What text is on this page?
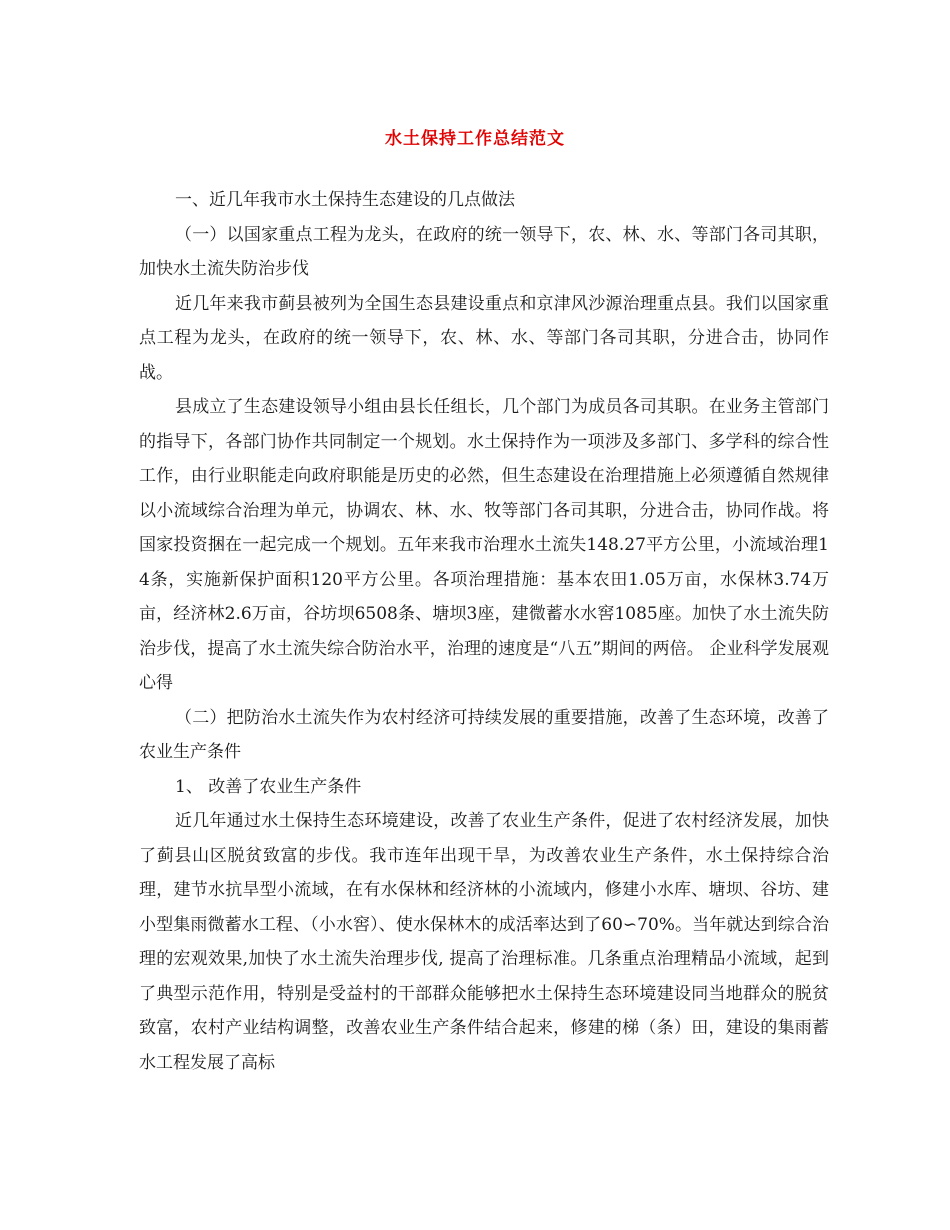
水土保持工作总结范文

一、近几年我市水土保持生态建设的几点做法

（一）以国家重点工程为龙头，在政府的统一领导下，农、林、水、等部门各司其职，加快水土流失防治步伐

近几年来我市蓟县被列为全国生态县建设重点和京津风沙源治理重点县。我们以国家重点工程为龙头，在政府的统一领导下，农、林、水、等部门各司其职，分进合击，协同作战。

县成立了生态建设领导小组由县长任组长，几个部门为成员各司其职。在业务主管部门的指导下，各部门协作共同制定一个规划。水土保持作为一项涉及多部门、多学科的综合性工作，由行业职能走向政府职能是历史的必然，但生态建设在治理措施上必须遵循自然规律以小流域综合治理为单元，协调农、林、水、牧等部门各司其职，分进合击，协同作战。将国家投资捆在一起完成一个规划。五年来我市治理水土流失148.27平方公里，小流域治理14条，实施新保护面积120平方公里。各项治理措施：基本农田1.05万亩，水保林3.74万亩，经济林2.6万亩，谷坊坝6508条、塘坝3座，建微蓄水水窖1085座。加快了水土流失防治步伐，提高了水土流失综合防治水平，治理的速度是“八五”期间的两倍。 企业科学发展观心得

（二）把防治水土流失作为农村经济可持续发展的重要措施，改善了生态环境，改善了农业生产条件

1、 改善了农业生产条件

近几年通过水土保持生态环境建设，改善了农业生产条件，促进了农村经济发展，加快了蓟县山区脱贫致富的步伐。我市连年出现干旱，为改善农业生产条件，水土保持综合治理，建节水抗旱型小流域，在有水保林和经济林的小流域内，修建小水库、塘坝、谷坊、建小型集雨微蓄水工程、（小水窖）、使水保林木的成活率达到了60∽70%。当年就达到综合治理的宏观效果,加快了水土流失治理步伐, 提高了治理标准。几条重点治理精品小流域，起到了典型示范作用，特别是受益村的干部群众能够把水土保持生态环境建设同当地群众的脱贫致富，农村产业结构调整，改善农业生产条件结合起来，修建的梯（条）田，建设的集雨蓄水工程发展了高标
